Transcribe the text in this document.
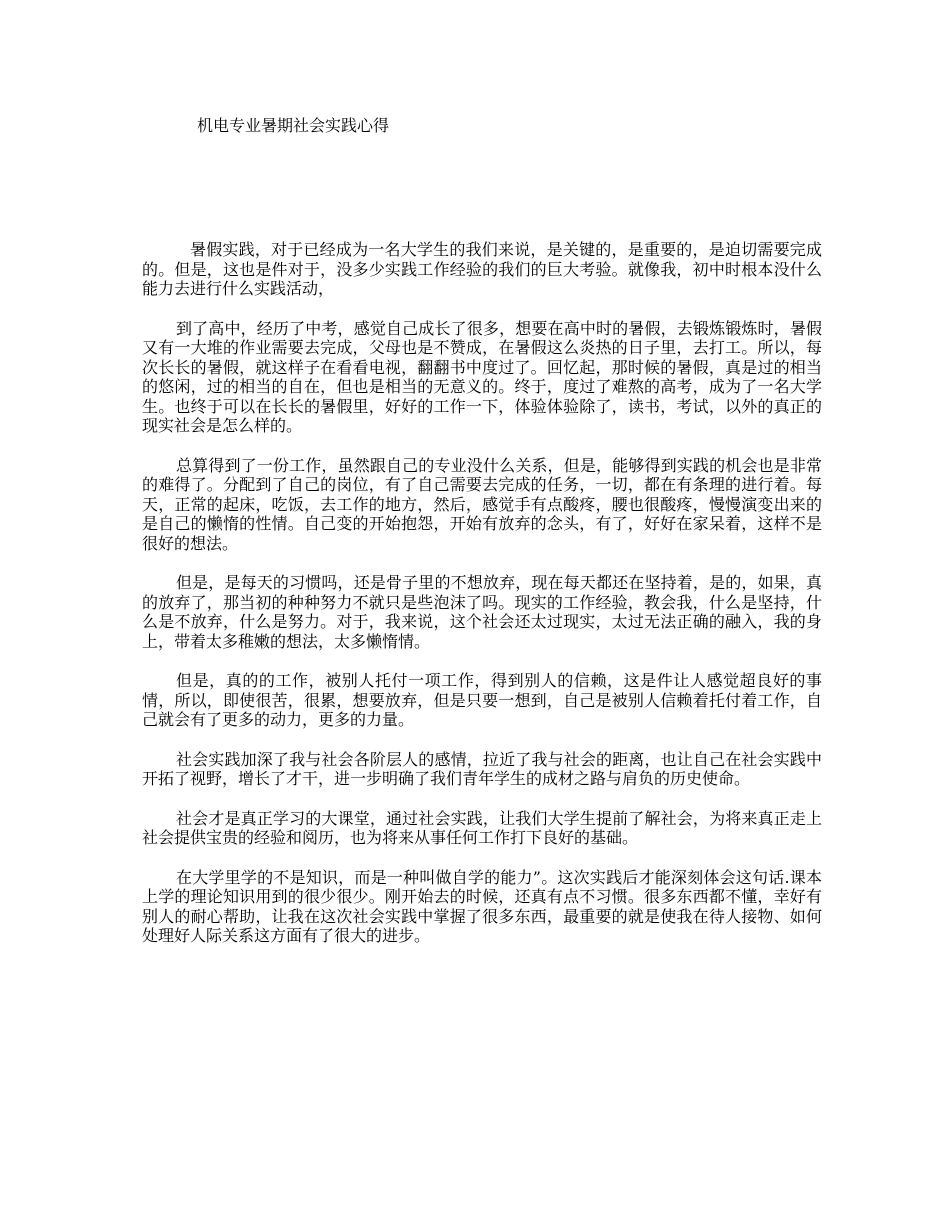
机电专业暑期社会实践心得

暑假实践，对于已经成为一名大学生的我们来说，是关键的，是重要的，是迫切需要完成的。但是，这也是件对于，没多少实践工作经验的我们的巨大考验。就像我，初中时根本没什么能力去进行什么实践活动，

到了高中，经历了中考，感觉自己成长了很多，想要在高中时的暑假，去锻炼锻炼时，暑假又有一大堆的作业需要去完成，父母也是不赞成，在暑假这么炎热的日子里，去打工。所以，每次长长的暑假，就这样子在看看电视，翻翻书中度过了。回忆起，那时候的暑假，真是过的相当的悠闲，过的相当的自在，但也是相当的无意义的。终于，度过了难熬的高考，成为了一名大学生。也终于可以在长长的暑假里，好好的工作一下，体验体验除了，读书，考试，以外的真正的现实社会是怎么样的。

总算得到了一份工作，虽然跟自己的专业没什么关系，但是，能够得到实践的机会也是非常的难得了。分配到了自己的岗位，有了自己需要去完成的任务，一切，都在有条理的进行着。每天，正常的起床，吃饭，去工作的地方，然后，感觉手有点酸疼，腰也很酸疼，慢慢演变出来的是自己的懒惰的性情。自己变的开始抱怨，开始有放弃的念头，有了，好好在家呆着，这样不是很好的想法。

但是，是每天的习惯吗，还是骨子里的不想放弃，现在每天都还在坚持着，是的，如果，真的放弃了，那当初的种种努力不就只是些泡沫了吗。现实的工作经验，教会我，什么是坚持，什么是不放弃，什么是努力。对于，我来说，这个社会还太过现实，太过无法正确的融入，我的身上，带着太多稚嫩的想法，太多懒惰情。

但是，真的的工作，被别人托付一项工作，得到别人的信赖，这是件让人感觉超良好的事情，所以，即使很苦，很累，想要放弃，但是只要一想到，自己是被别人信赖着托付着工作，自己就会有了更多的动力，更多的力量。

社会实践加深了我与社会各阶层人的感情，拉近了我与社会的距离，也让自己在社会实践中开拓了视野，增长了才干，进一步明确了我们青年学生的成材之路与肩负的历史使命。

社会才是真正学习的大课堂，通过社会实践，让我们大学生提前了解社会，为将来真正走上社会提供宝贵的经验和阅历，也为将来从事任何工作打下良好的基础。

在大学里学的不是知识，而是一种叫做自学的能力”。这次实践后才能深刻体会这句话.课本上学的理论知识用到的很少很少。刚开始去的时候，还真有点不习惯。很多东西都不懂，幸好有别人的耐心帮助，让我在这次社会实践中掌握了很多东西，最重要的就是使我在待人接物、如何处理好人际关系这方面有了很大的进步。
